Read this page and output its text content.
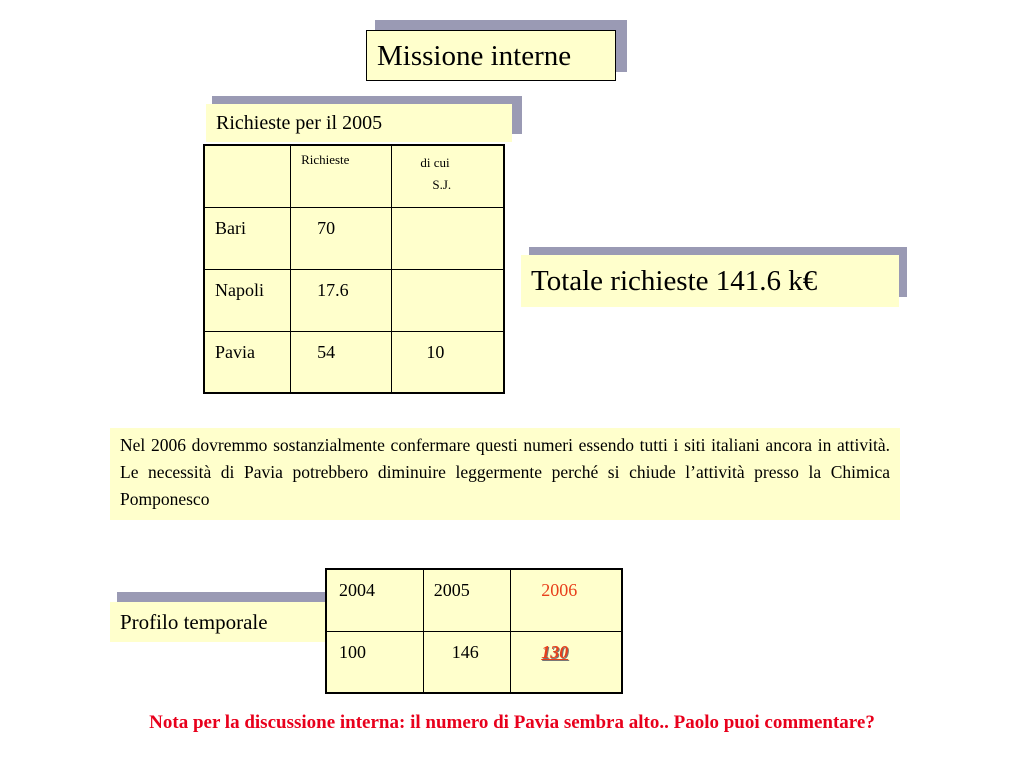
Missione interne
Richieste per il 2005
	Richieste	di cui
S.J.

Bari	70	
Napoli	17.6	
Pavia	54	10
Totale richieste 141.6 k€
Nel 2006 dovremmo sostanzialmente confermare questi numeri essendo tutti i siti italiani ancora in attività. Le necessità di Pavia potrebbero diminuire leggermente perché si chiude l’attività presso la Chimica Pomponesco
Profilo temporale
2004	2005	2006
100	146	130
Nota per la discussione interna: il numero di Pavia sembra alto.. Paolo puoi commentare?
